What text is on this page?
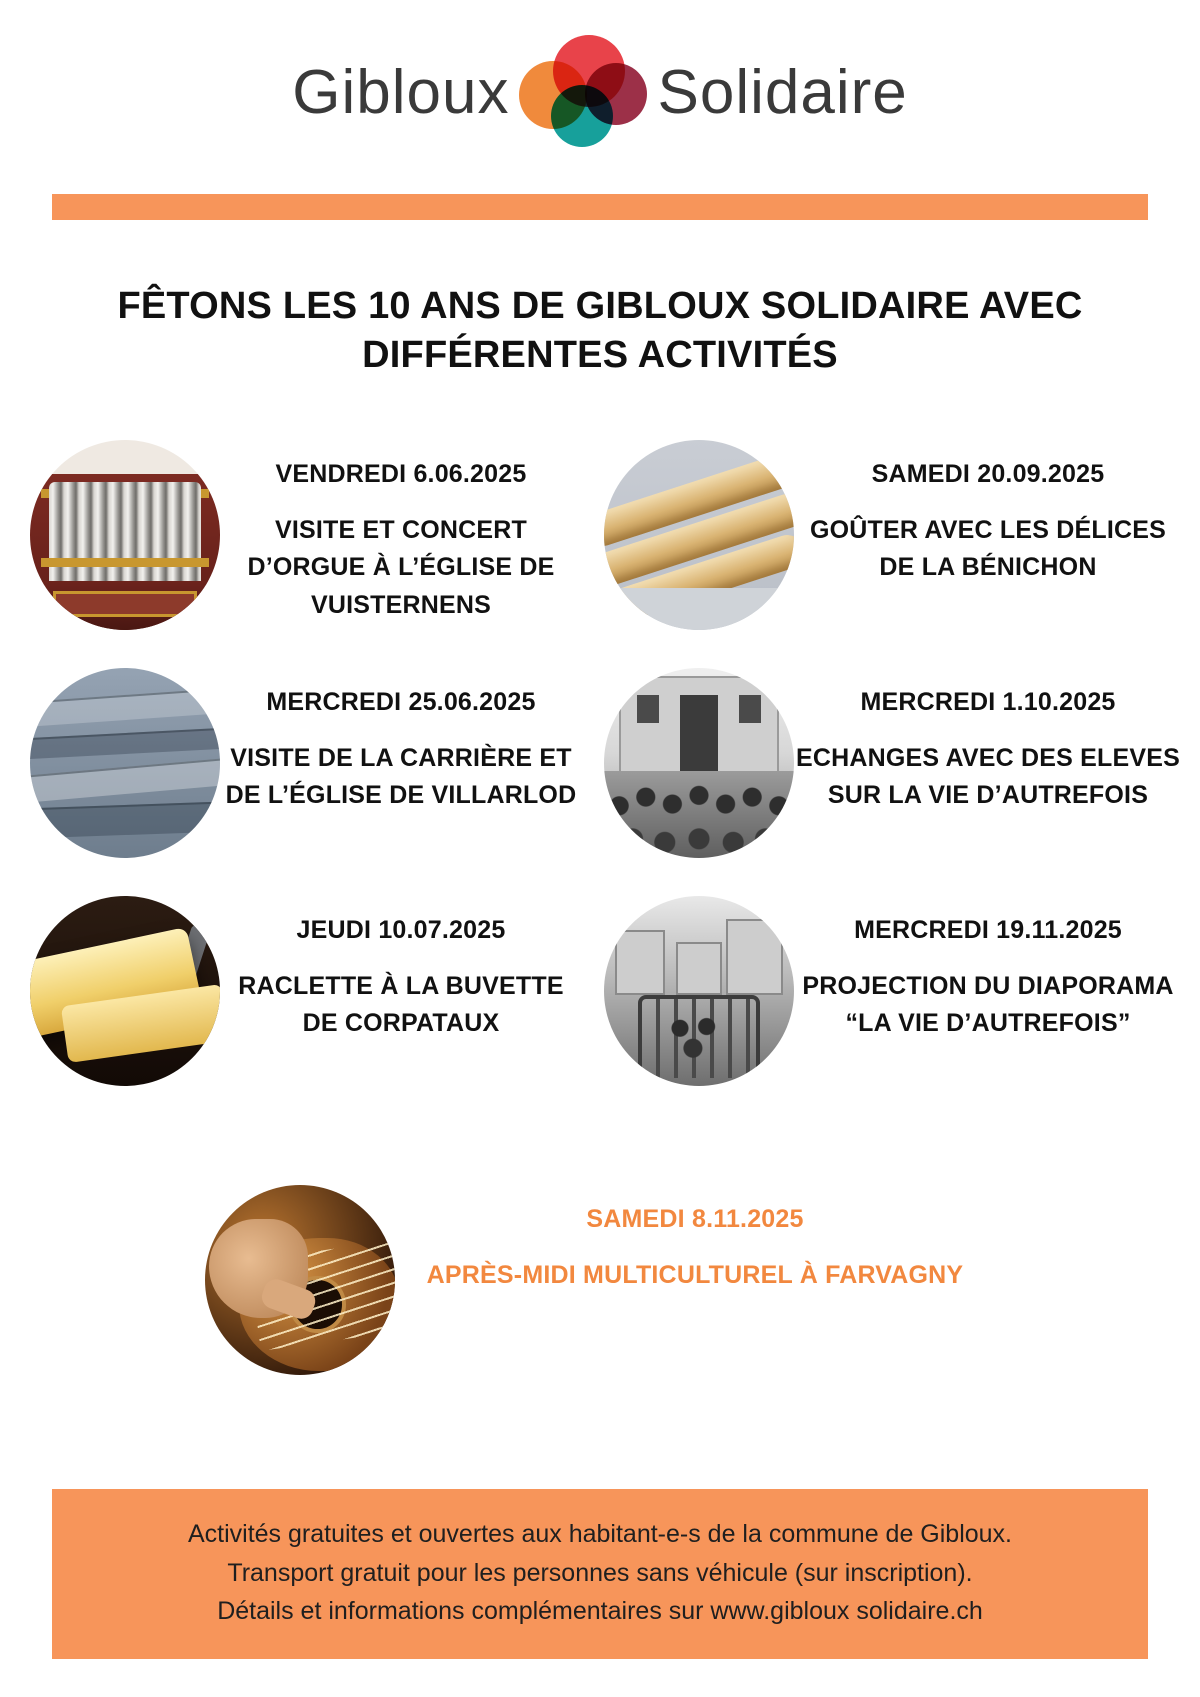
Gibloux Solidaire
FÊTONS LES 10 ANS DE GIBLOUX SOLIDAIRE AVEC DIFFÉRENTES ACTIVITÉS
VENDREDI 6.06.2025
VISITE ET CONCERT D’ORGUE À L’ÉGLISE DE VUISTERNENS
SAMEDI 20.09.2025
GOÛTER AVEC LES DÉLICES DE LA BÉNICHON
MERCREDI 25.06.2025
VISITE DE LA CARRIÈRE ET DE L’ÉGLISE DE VILLARLOD
MERCREDI 1.10.2025
ECHANGES AVEC DES ELEVES SUR LA VIE D’AUTREFOIS
JEUDI 10.07.2025
RACLETTE À LA BUVETTE DE CORPATAUX
MERCREDI 19.11.2025
PROJECTION DU DIAPORAMA “LA VIE D’AUTREFOIS”
SAMEDI 8.11.2025
APRÈS-MIDI MULTICULTUREL À FARVAGNY
Activités gratuites et ouvertes aux habitant-e-s de la commune de Gibloux.
Transport gratuit pour les personnes sans véhicule (sur inscription).
Détails et informations complémentaires sur www.gibloux solidaire.ch
